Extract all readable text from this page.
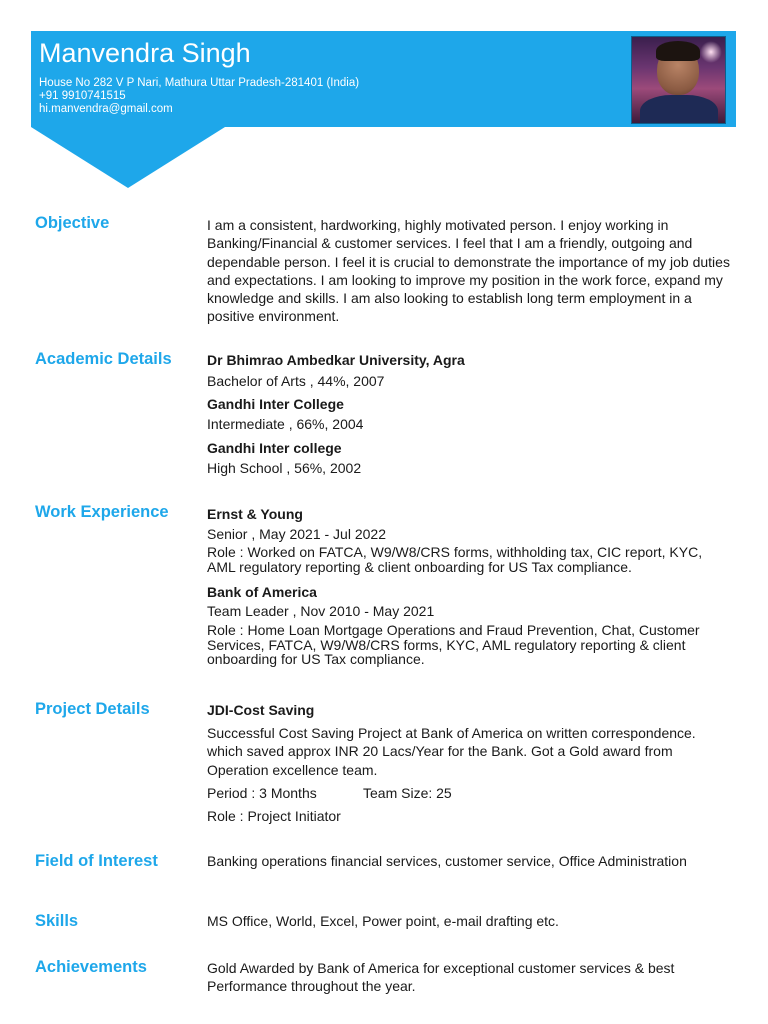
Manvendra Singh
House No 282 V P Nari, Mathura Uttar Pradesh-281401 (India)
+91 9910741515
hi.manvendra@gmail.com
Objective	I am a consistent, hardworking, highly motivated person. I enjoy working in Banking/Financial & customer services. I feel that I am a friendly, outgoing and dependable person. I feel it is crucial to demonstrate the importance of my job duties and expectations. I am looking to improve my position in the work force, expand my knowledge and skills. I am also looking to establish long term employment in a positive environment.
Academic Details	Dr Bhimrao Ambedkar University, Agra
Bachelor of Arts , 44%, 2007
Gandhi Inter College
Intermediate , 66%, 2004
Gandhi Inter college
High School , 56%, 2002
Work Experience	Ernst & Young
Senior , May 2021 - Jul 2022
Role : Worked on FATCA, W9/W8/CRS forms, withholding tax, CIC report, KYC, AML regulatory reporting & client onboarding for US Tax compliance.
Bank of America
Team Leader , Nov 2010 - May 2021
Role : Home Loan Mortgage Operations and Fraud Prevention, Chat, Customer Services, FATCA, W9/W8/CRS forms, KYC, AML regulatory reporting & client onboarding for US Tax compliance.
Project Details	JDI-Cost Saving
Successful Cost Saving Project at Bank of America on written correspondence. which saved approx INR 20 Lacs/Year for the Bank. Got a Gold award from Operation excellence team.
Period : 3 Months	Team Size: 25
Role : Project Initiator
Field of Interest	Banking operations financial services, customer service, Office Administration
Skills	MS Office, World, Excel, Power point, e-mail drafting etc.
Achievements	Gold Awarded by Bank of America for exceptional customer services & best Performance throughout the year.
